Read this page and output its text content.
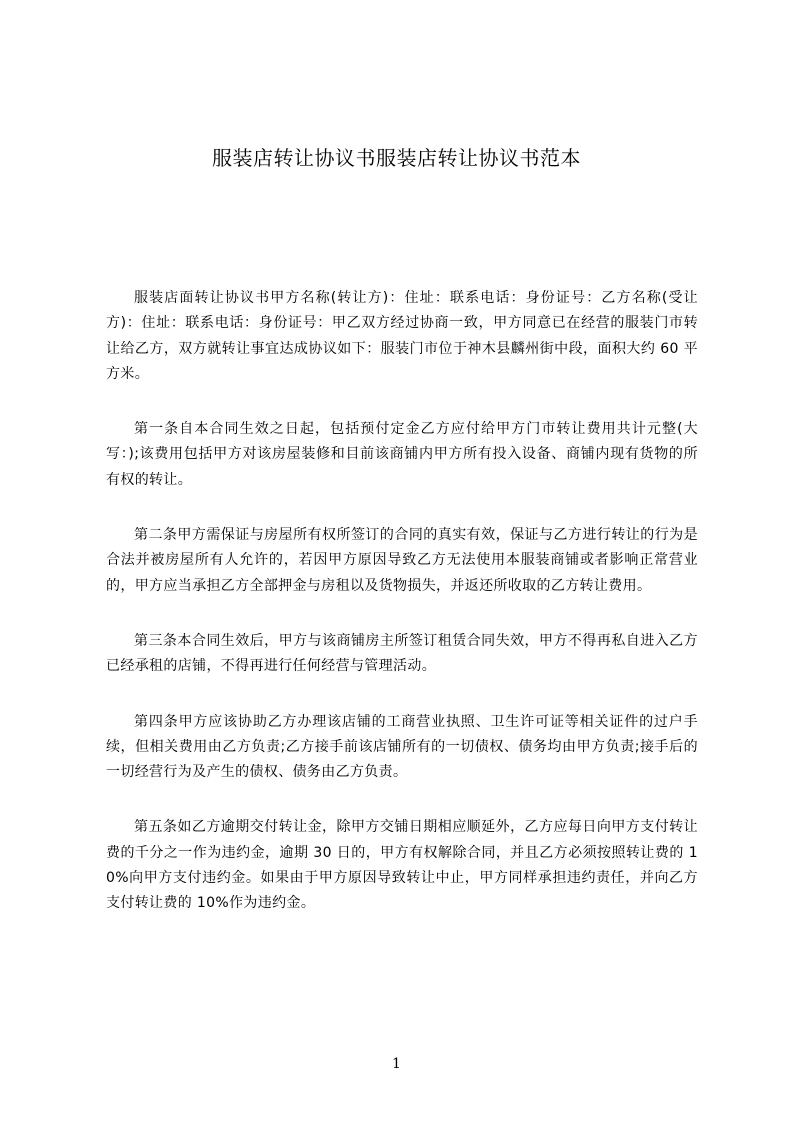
服装店转让协议书服装店转让协议书范本

服装店面转让协议书甲方名称(转让方)：住址：联系电话：身份证号：乙方名称(受让方)：住址：联系电话：身份证号：甲乙双方经过协商一致，甲方同意已在经营的服装门市转让给乙方，双方就转让事宜达成协议如下：服装门市位于神木县麟州街中段，面积大约 60 平方米。

第一条自本合同生效之日起，包括预付定金乙方应付给甲方门市转让费用共计元整(大写：);该费用包括甲方对该房屋装修和目前该商铺内甲方所有投入设备、商铺内现有货物的所有权的转让。

第二条甲方需保证与房屋所有权所签订的合同的真实有效，保证与乙方进行转让的行为是合法并被房屋所有人允许的，若因甲方原因导致乙方无法使用本服装商铺或者影响正常营业的，甲方应当承担乙方全部押金与房租以及货物损失，并返还所收取的乙方转让费用。

第三条本合同生效后，甲方与该商铺房主所签订租赁合同失效，甲方不得再私自进入乙方已经承租的店铺，不得再进行任何经营与管理活动。

第四条甲方应该协助乙方办理该店铺的工商营业执照、卫生许可证等相关证件的过户手续，但相关费用由乙方负责;乙方接手前该店铺所有的一切债权、债务均由甲方负责;接手后的一切经营行为及产生的债权、债务由乙方负责。

第五条如乙方逾期交付转让金，除甲方交铺日期相应顺延外，乙方应每日向甲方支付转让费的千分之一作为违约金，逾期 30 日的，甲方有权解除合同，并且乙方必须按照转让费的 10%向甲方支付违约金。如果由于甲方原因导致转让中止，甲方同样承担违约责任，并向乙方支付转让费的 10%作为违约金。

1
